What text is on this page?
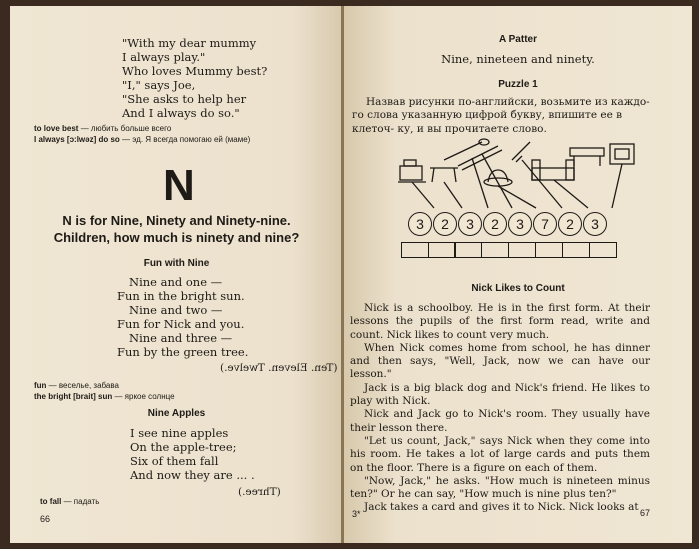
"With my dear mummy
I always play."
Who loves Mummy best?
"I," says Joe,
"She asks to help her
And I always do so."
to love best — любить больше всего
I always [ɔ:lwəz] do so — эд. Я всегда помогаю ей (маме)
N
N is for Nine, Ninety and Ninety-nine.
Children, how much is ninety and nine?
Fun with Nine
Nine and one —
Fun in the bright sun.
Nine and two —
Fun for Nick and you.
Nine and three —
Fun by the green tree.
(Ten. Eleven. Twelve.)
fun — веселье, забава
the bright [brait] sun — яркое солнце
Nine Apples
I see nine apples
On the apple-tree;
Six of them fall
And now they are ... .
(Three.)
to fall — падать
66
A Patter
Nine, nineteen and ninety.
Puzzle 1

Назвав рисунки по-английски, возьмите из каждо- го слова указанную цифрой букву, впишите ее в клеточ- ку, и вы прочитаете слово.

3	2	3	2	3	7	2	3
Nick Likes to Count

Nick is a schoolboy. He is in the first form. At their lessons the pupils of the first form read, write and count. Nick likes to count very much.

When Nick comes home from school, he has dinner and then says, "Well, Jack, now we can have our lesson."

Jack is a big black dog and Nick's friend. He likes to play with Nick.

Nick and Jack go to Nick's room. They usually have their lesson there.

"Let us count, Jack," says Nick when they come into his room. He takes a lot of large cards and puts them on the floor. There is a figure on each of them.

"Now, Jack," he asks. "How much is nineteen minus ten?" Or he can say, "How much is nine plus ten?"

Jack takes a card and gives it to Nick. Nick looks at

3*	67
